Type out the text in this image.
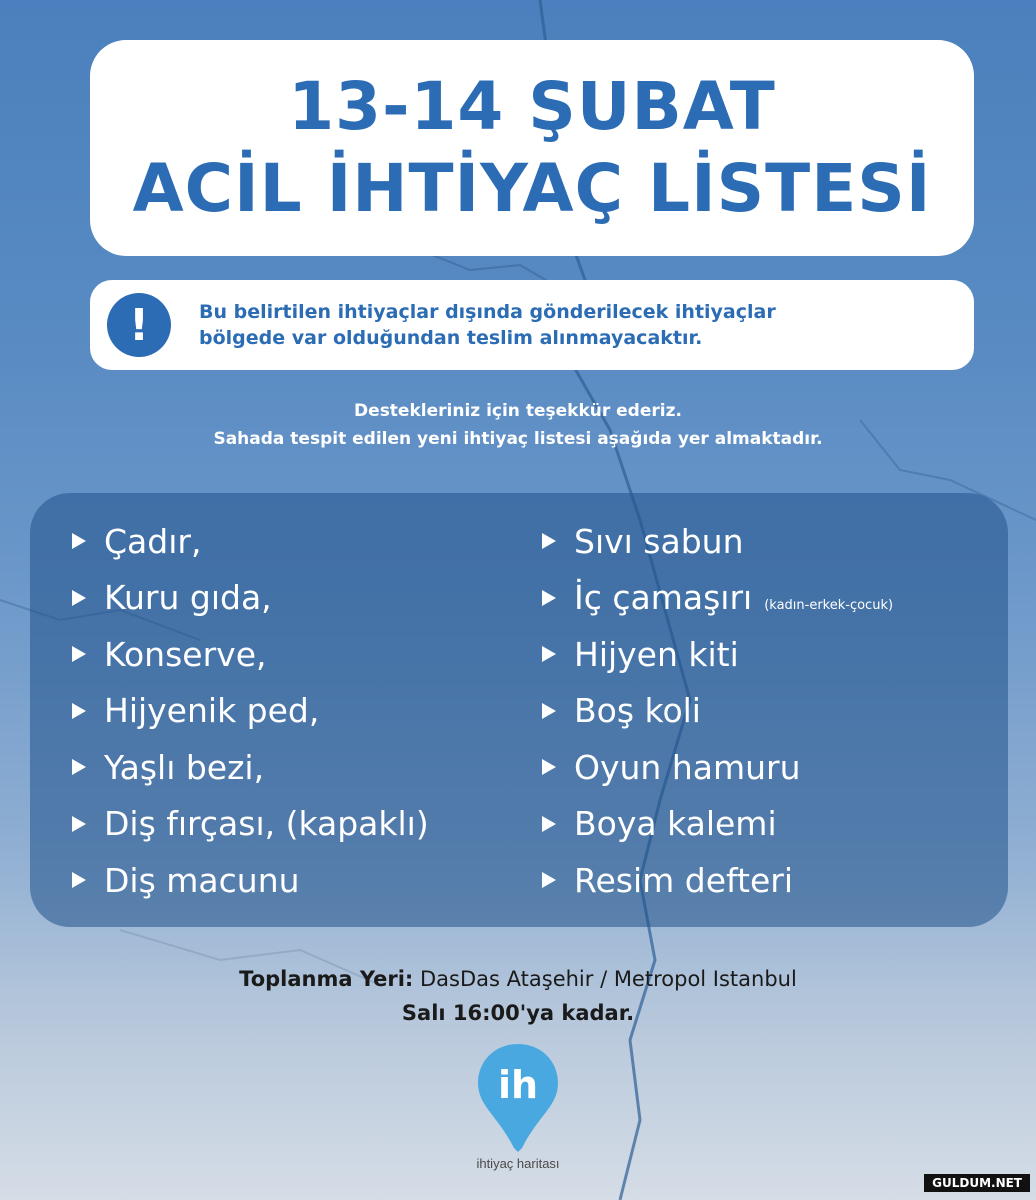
13-14 ŞUBAT
ACİL İHTİYAÇ LİSTESİ
!	Bu belirtilen ihtiyaçlar dışında gönderilecek ihtiyaçlar
bölgede var olduğundan teslim alınmayacaktır.
Destekleriniz için teşekkür ederiz.
Sahada tespit edilen yeni ihtiyaç listesi aşağıda yer almaktadır.
Çadır,
Kuru gıda,
Konserve,
Hijyenik ped,
Yaşlı bezi,
Diş fırçası, (kapaklı)
Diş macunu
Sıvı sabun
İç çamaşırı (kadın-erkek-çocuk)
Hijyen kiti
Boş koli
Oyun hamuru
Boya kalemi
Resim defteri
Toplanma Yeri: DasDas Ataşehir / Metropol Istanbul
Salı 16:00'ya kadar.
ih
ihtiyaç haritası
GULDUM.NET
